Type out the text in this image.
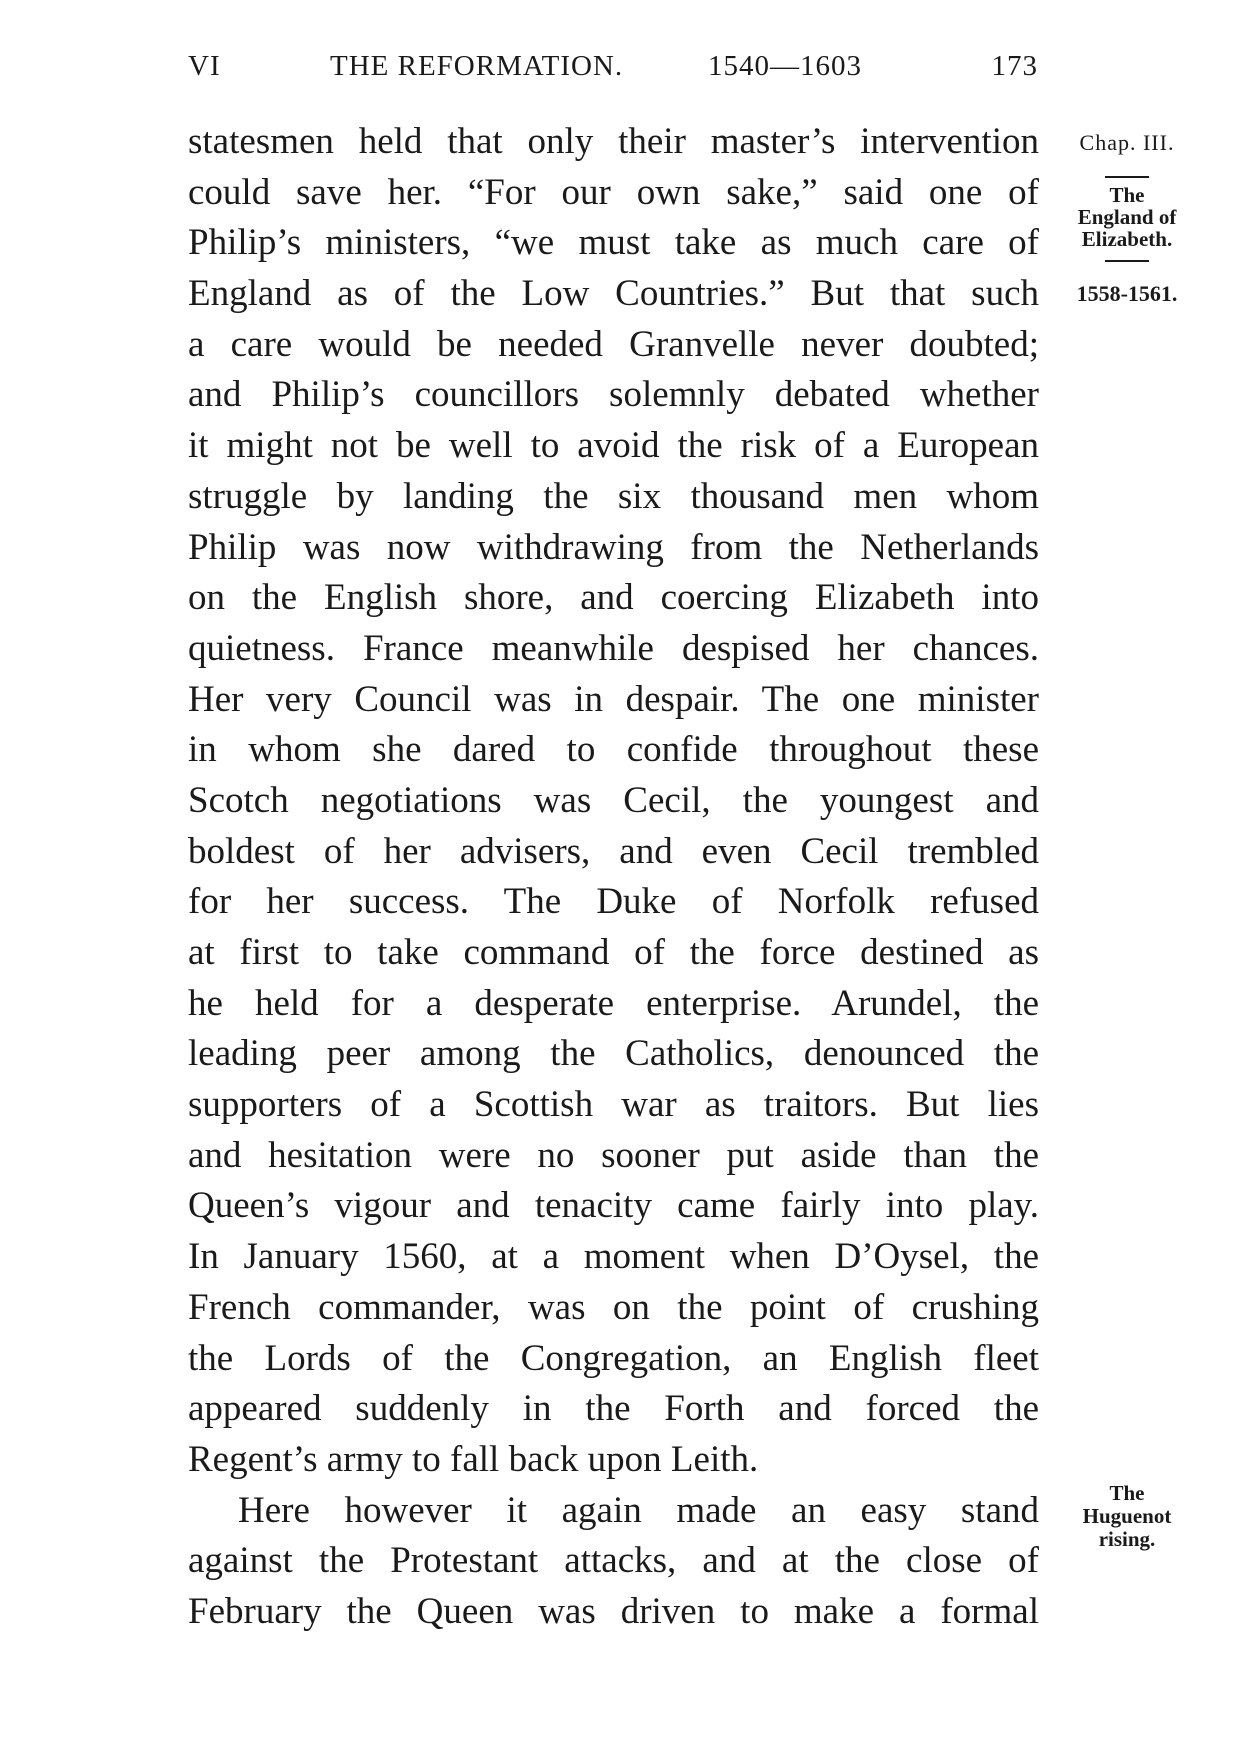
VI	THE REFORMATION.	1540—1603	173
statesmen held that only their master’s intervention
could save her. “For our own sake,” said one of
Philip’s ministers, “we must take as much care of
England as of the Low Countries.” But that such
a care would be needed Granvelle never doubted;
and Philip’s councillors solemnly debated whether
it might not be well to avoid the risk of a European
struggle by landing the six thousand men whom
Philip was now withdrawing from the Netherlands
on the English shore, and coercing Elizabeth into
quietness. France meanwhile despised her chances.
Her very Council was in despair. The one minister
in whom she dared to confide throughout these
Scotch negotiations was Cecil, the youngest and
boldest of her advisers, and even Cecil trembled
for her success. The Duke of Norfolk refused
at first to take command of the force destined as
he held for a desperate enterprise. Arundel, the
leading peer among the Catholics, denounced the
supporters of a Scottish war as traitors. But lies
and hesitation were no sooner put aside than the
Queen’s vigour and tenacity came fairly into play.
In January 1560, at a moment when D’Oysel, the
French commander, was on the point of crushing
the Lords of the Congregation, an English fleet
appeared suddenly in the Forth and forced the
Regent’s army to fall back upon Leith.
Here however it again made an easy stand
against the Protestant attacks, and at the close of
February the Queen was driven to make a formal
Chap. III.
The
England of
Elizabeth.
1558-1561.
The
Huguenot
rising.
